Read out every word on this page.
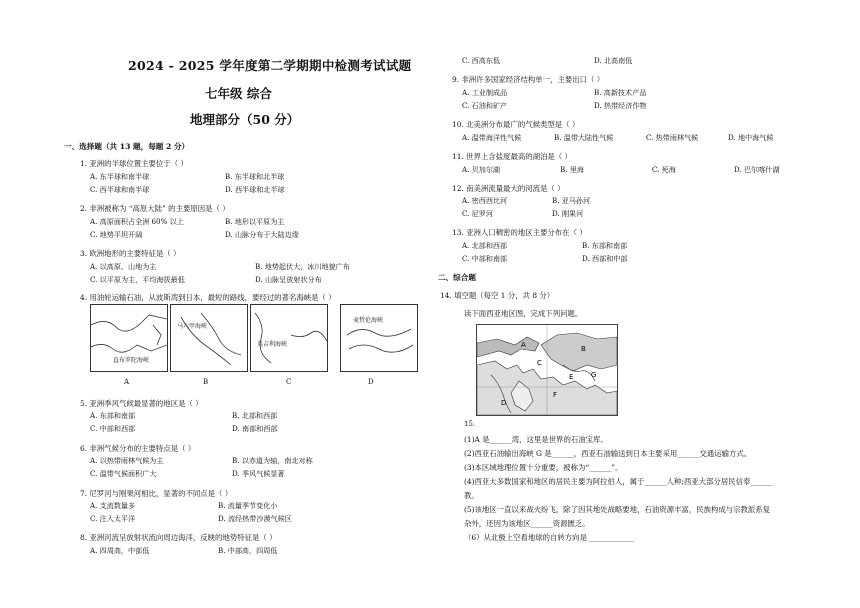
2024 - 2025 学年度第二学期期中检测考试试题
七年级 综合
地理部分（50 分）
一、选择题（共 13 题，每题 2 分）
1. 亚洲的半球位置主要位于（ ）
A. 东半球和南半球	B. 东半球和北半球
C. 西半球和南半球	D. 西半球和北半球
2. 非洲被称为 “高原大陆” 的主要原因是（ ）
A. 高原面积占全洲 60% 以上	B. 地形以平原为主
C. 地势平坦开阔	D. 山脉分布于大陆边缘
3. 欧洲地形的主要特征是（ ）
A. 以高原、山地为主	B. 地势起伏大，冰川地貌广布
C. 以平原为主，平均海拔最低	D. 山脉呈放射状分布
4. 用油轮运输石油，从波斯湾到日本，最短的路线，要经过的著名海峡是（ ）
直布罗陀海峡
马六甲海峡
英吉利海峡
麦哲伦海峡
A	B	C	D
5. 亚洲季风气候最显著的地区是（ ）
A. 东部和南部	B. 北部和西部
C. 中部和西部	D. 南部和西部
6. 非洲气候分布的主要特点是（ ）
A. 以热带雨林气候为主	B. 以赤道为轴，南北对称
C. 温带气候面积广大	D. 季风气候显著
7. 尼罗河与刚果河相比，显著的不同点是（ ）
A. 支流数量多	B. 流量季节变化小
C. 注入太平洋	D. 流经热带沙漠气候区
8. 亚洲河流呈放射状流向周边海洋，反映的地势特征是（ ）
A. 四周高，中部低	B. 中部高，四周低
C. 西高东低	D. 北高南低
9. 非洲许多国家经济结构单一，主要出口（ ）
A. 工业制成品	B. 高新技术产品
C. 石油和矿产	D. 热带经济作物
10. 北美洲分布最广的气候类型是（ ）
A. 温带海洋性气候	B. 温带大陆性气候	C. 热带雨林气候	D. 地中海气候
11. 世界上含盐度最高的湖泊是（ ）
A. 贝加尔湖	B. 里海	C. 死海	D. 巴尔喀什湖
12. 南美洲流量最大的河流是（ ）
A. 密西西比河	B. 亚马孙河
C. 尼罗河	D. 刚果河
13. 亚洲人口稠密的地区主要分布在（ ）
A. 北部和西部	B. 东部和南部
C. 中部和南部	D. 西部和中部
二、综合题
14. 填空题（每空 1 分，共 8 分）
读下面西亚地区图，完成下列问题。
A	B
C
D
E
F
G
15.
(1)A 是______湾，这里是世界的石油宝库。
(2)西亚石油输出海峡 G 是______，西亚石油输送到日本主要采用______交通运输方式。
(3)本区域地理位置十分重要，被称为“______”。
(4)西亚大多数国家和地区的居民主要为阿拉伯人，属于______人种;西亚大部分居民信奉______
教。
(5)该地区一直以来战火纷飞，除了因其地处战略要地，石油资源丰富，民族构成与宗教派系复
杂外，还因为该地区______资源匮乏。
（6）从北极上空看地球的自转方向是 ____________
